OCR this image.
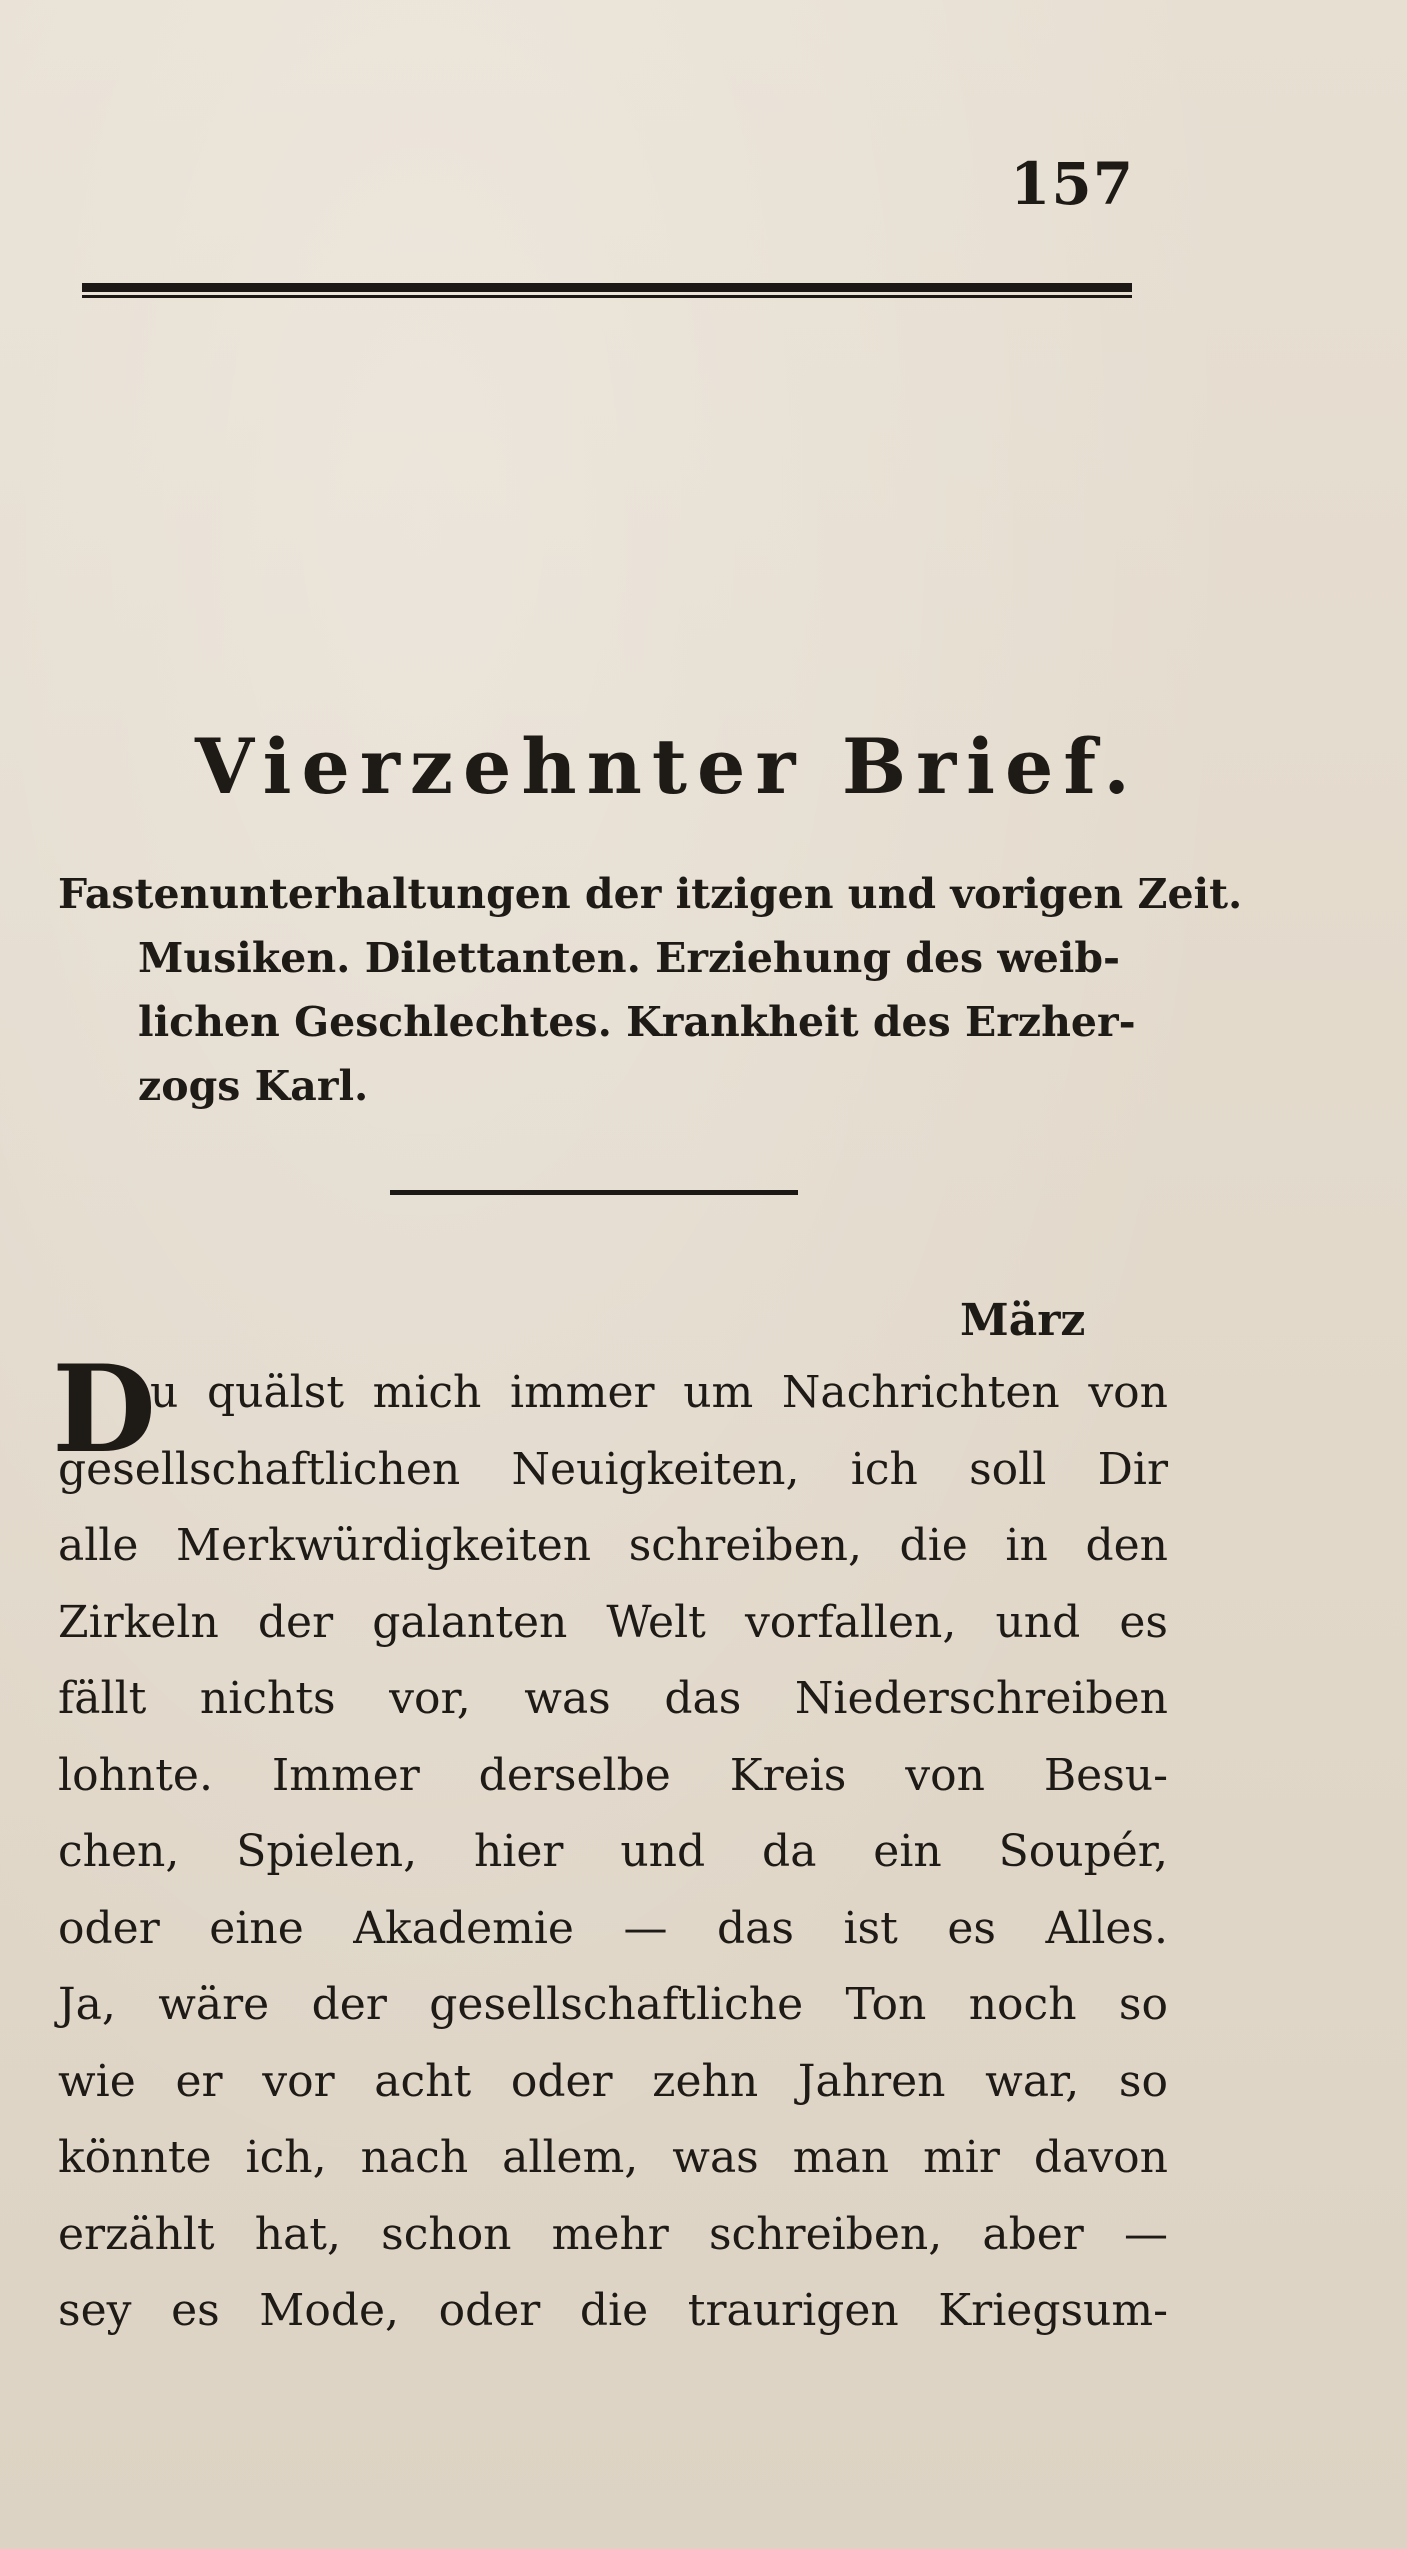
157
Vierzehnter Brief.
Fastenunterhaltungen der itzigen und vorigen Zeit.
Musiken. Dilettanten. Erziehung des weib-
lichen Geschlechtes. Krankheit des Erzher-
zogs Karl.
März
D
u quälst mich immer um Nachrichten von
gesellschaftlichen Neuigkeiten, ich soll Dir
alle Merkwürdigkeiten schreiben, die in den
Zirkeln der galanten Welt vorfallen, und es
fällt nichts vor, was das Niederschreiben
lohnte. Immer derselbe Kreis von Besu-
chen, Spielen, hier und da ein Soupér,
oder eine Akademie — das ist es Alles.
Ja, wäre der gesellschaftliche Ton noch so
wie er vor acht oder zehn Jahren war, so
könnte ich, nach allem, was man mir davon
erzählt hat, schon mehr schreiben, aber —
sey es Mode, oder die traurigen Kriegsum-
